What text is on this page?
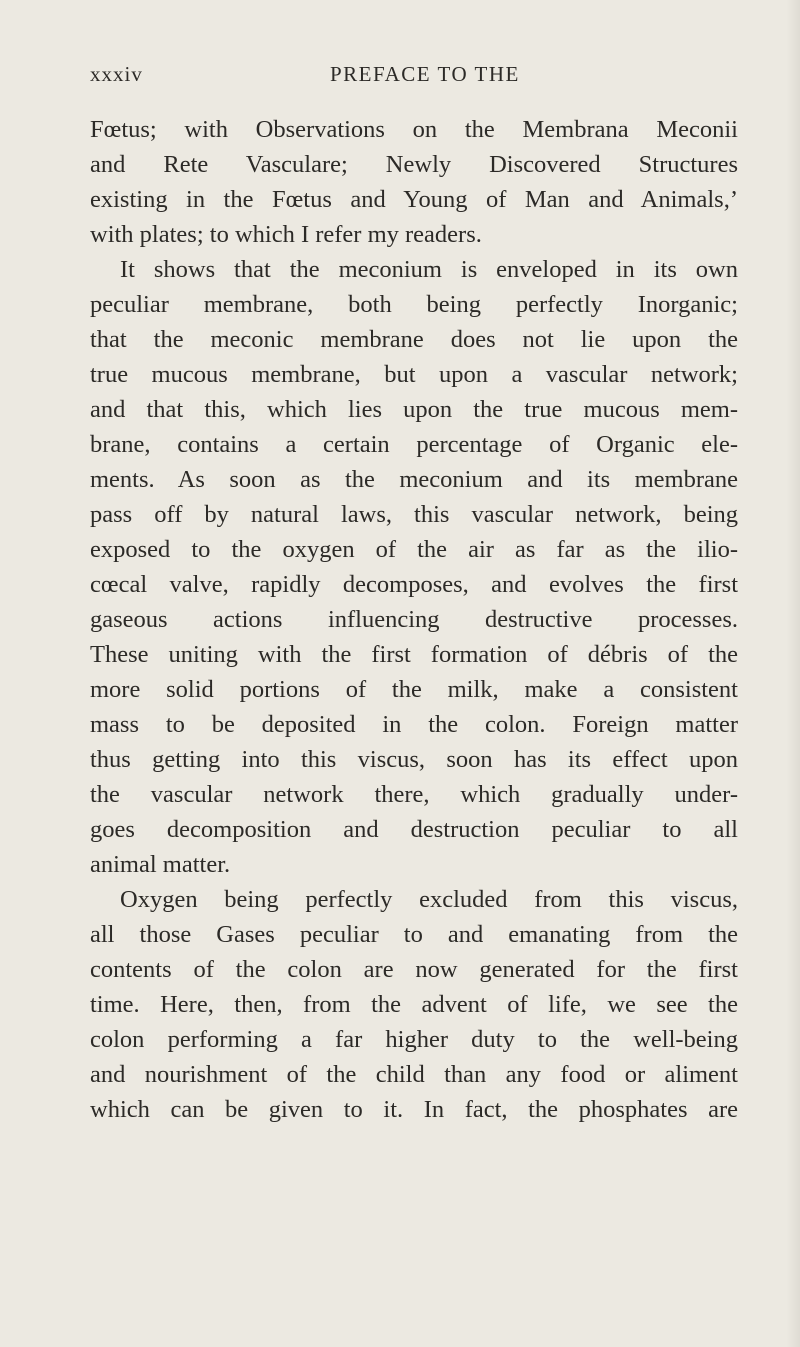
xxxiv	PREFACE TO THE
Fœtus; with Observations on the Membrana Meconii
and Rete Vasculare; Newly Discovered Structures
existing in the Fœtus and Young of Man and Animals,’
with plates; to which I refer my readers.
It shows that the meconium is enveloped in its own
peculiar membrane, both being perfectly Inorganic;
that the meconic membrane does not lie upon the
true mucous membrane, but upon a vascular network;
and that this, which lies upon the true mucous mem-
brane, contains a certain percentage of Organic ele-
ments. As soon as the meconium and its membrane
pass off by natural laws, this vascular network, being
exposed to the oxygen of the air as far as the ilio-
cœcal valve, rapidly decomposes, and evolves the first
gaseous actions influencing destructive processes.
These uniting with the first formation of débris of the
more solid portions of the milk, make a consistent
mass to be deposited in the colon. Foreign matter
thus getting into this viscus, soon has its effect upon
the vascular network there, which gradually under-
goes decomposition and destruction peculiar to all
animal matter.
Oxygen being perfectly excluded from this viscus,
all those Gases peculiar to and emanating from the
contents of the colon are now generated for the first
time. Here, then, from the advent of life, we see the
colon performing a far higher duty to the well-being
and nourishment of the child than any food or aliment
which can be given to it. In fact, the phosphates are
